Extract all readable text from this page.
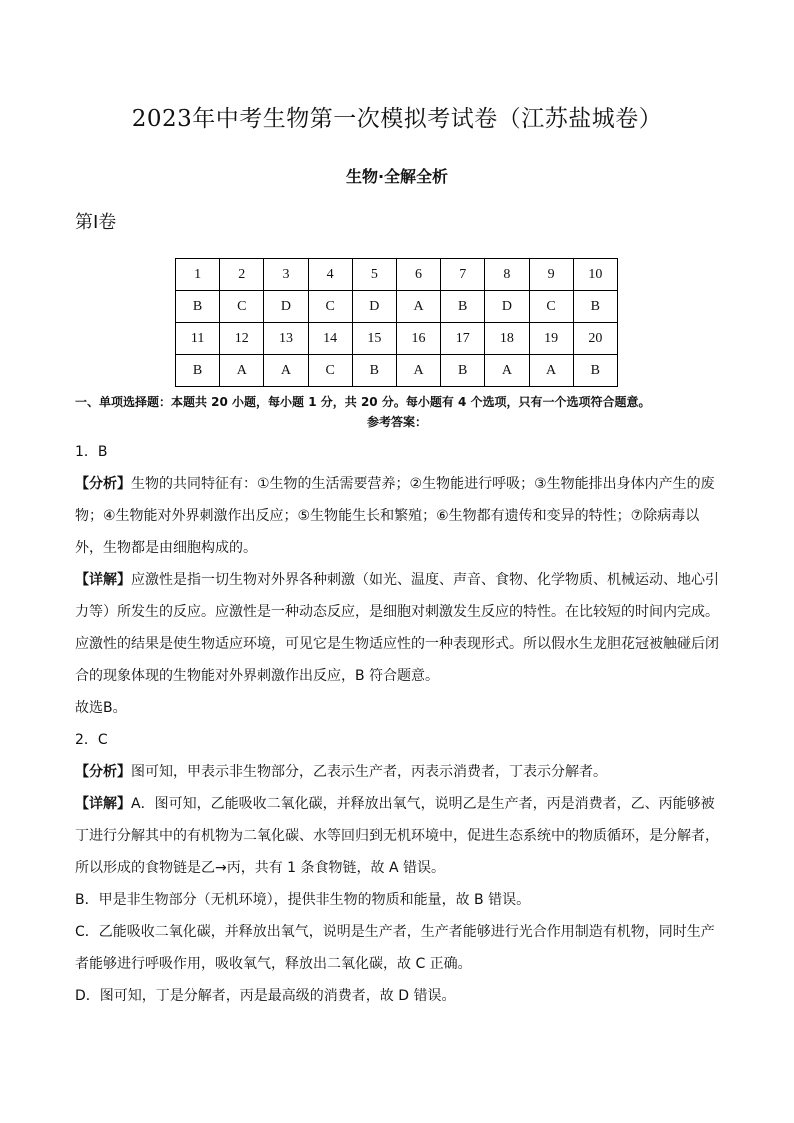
2023年中考生物第一次模拟考试卷（江苏盐城卷）
生物·全解全析
第Ⅰ卷
1	2	3	4	5	6	7	8	9	10
B	C	D	C	D	A	B	D	C	B
11	12	13	14	15	16	17	18	19	20
B	A	A	C	B	A	B	A	A	B
一、单项选择题：本题共 20 小题，每小题 1 分，共 20 分。每小题有 4 个选项，只有一个选项符合题意。
参考答案：

1．B

【分析】生物的共同特征有：①生物的生活需要营养；②生物能进行呼吸；③生物能排出身体内产生的废物；④生物能对外界刺激作出反应；⑤生物能生长和繁殖；⑥生物都有遗传和变异的特性；⑦除病毒以外，生物都是由细胞构成的。

【详解】应激性是指一切生物对外界各种刺激（如光、温度、声音、食物、化学物质、机械运动、地心引力等）所发生的反应。应激性是一种动态反应，是细胞对刺激发生反应的特性。在比较短的时间内完成。应激性的结果是使生物适应环境，可见它是生物适应性的一种表现形式。所以假水生龙胆花冠被触碰后闭合的现象体现的生物能对外界刺激作出反应，B 符合题意。

故选B。

2．C

【分析】图可知，甲表示非生物部分，乙表示生产者，丙表示消费者，丁表示分解者。

【详解】A．图可知，乙能吸收二氧化碳，并释放出氧气，说明乙是生产者，丙是消费者，乙、丙能够被丁进行分解其中的有机物为二氧化碳、水等回归到无机环境中，促进生态系统中的物质循环，是分解者，所以形成的食物链是乙→丙，共有 1 条食物链，故 A 错误。

B．甲是非生物部分（无机环境），提供非生物的物质和能量，故 B 错误。

C．乙能吸收二氧化碳，并释放出氧气，说明是生产者，生产者能够进行光合作用制造有机物，同时生产者能够进行呼吸作用，吸收氧气，释放出二氧化碳，故 C 正确。

D．图可知，丁是分解者，丙是最高级的消费者，故 D 错误。
